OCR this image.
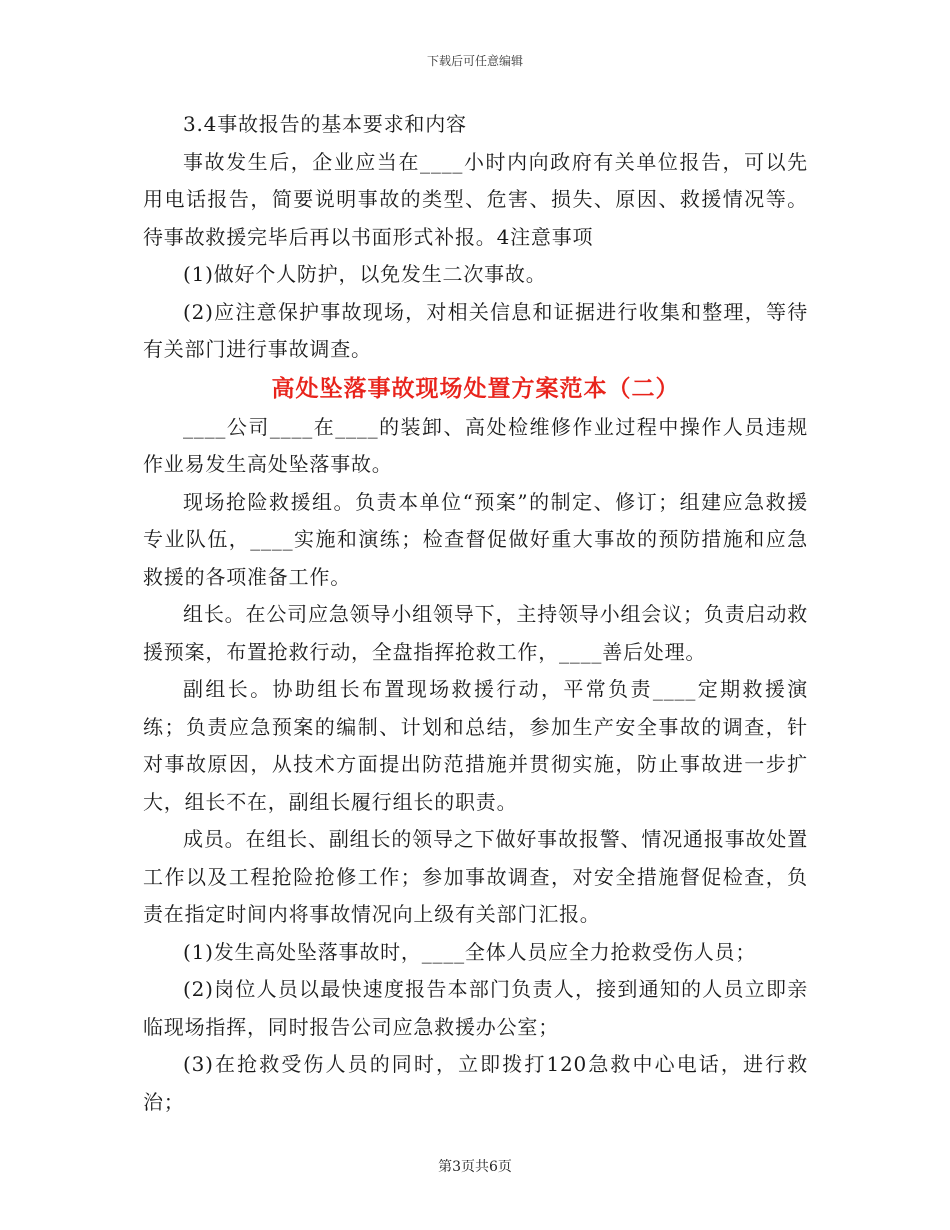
下载后可任意编辑

3.4事故报告的基本要求和内容

事故发生后，企业应当在____小时内向政府有关单位报告，可以先用电话报告，简要说明事故的类型、危害、损失、原因、救援情况等。待事故救援完毕后再以书面形式补报。4注意事项

(1)做好个人防护，以免发生二次事故。

(2)应注意保护事故现场，对相关信息和证据进行收集和整理，等待有关部门进行事故调查。

高处坠落事故现场处置方案范本（二）

____公司____在____的装卸、高处检维修作业过程中操作人员违规作业易发生高处坠落事故。

现场抢险救援组。负责本单位“预案”的制定、修订；组建应急救援专业队伍，____实施和演练；检查督促做好重大事故的预防措施和应急救援的各项准备工作。

组长。在公司应急领导小组领导下，主持领导小组会议；负责启动救援预案，布置抢救行动，全盘指挥抢救工作，____善后处理。

副组长。协助组长布置现场救援行动，平常负责____定期救援演练；负责应急预案的编制、计划和总结，参加生产安全事故的调查，针对事故原因，从技术方面提出防范措施并贯彻实施，防止事故进一步扩大，组长不在，副组长履行组长的职责。

成员。在组长、副组长的领导之下做好事故报警、情况通报事故处置工作以及工程抢险抢修工作；参加事故调查，对安全措施督促检查，负责在指定时间内将事故情况向上级有关部门汇报。

(1)发生高处坠落事故时，____全体人员应全力抢救受伤人员；

(2)岗位人员以最快速度报告本部门负责人，接到通知的人员立即亲临现场指挥，同时报告公司应急救援办公室；

(3)在抢救受伤人员的同时，立即拨打120急救中心电话，进行救治；

第3页共6页
